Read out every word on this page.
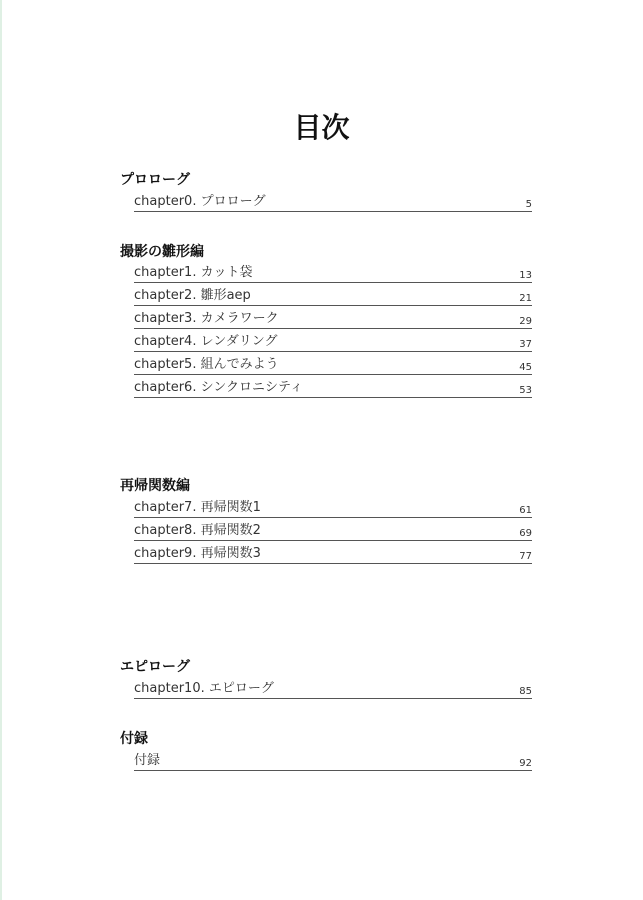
目次
プロローグ
chapter0. プロローグ	5
撮影の雛形編
chapter1. カット袋	13
chapter2. 雛形aep	21
chapter3. カメラワーク	29
chapter4. レンダリング	37
chapter5. 組んでみよう	45
chapter6. シンクロニシティ	53
再帰関数編
chapter7. 再帰関数1	61
chapter8. 再帰関数2	69
chapter9. 再帰関数3	77
エピローグ
chapter10. エピローグ	85
付録
付録	92
